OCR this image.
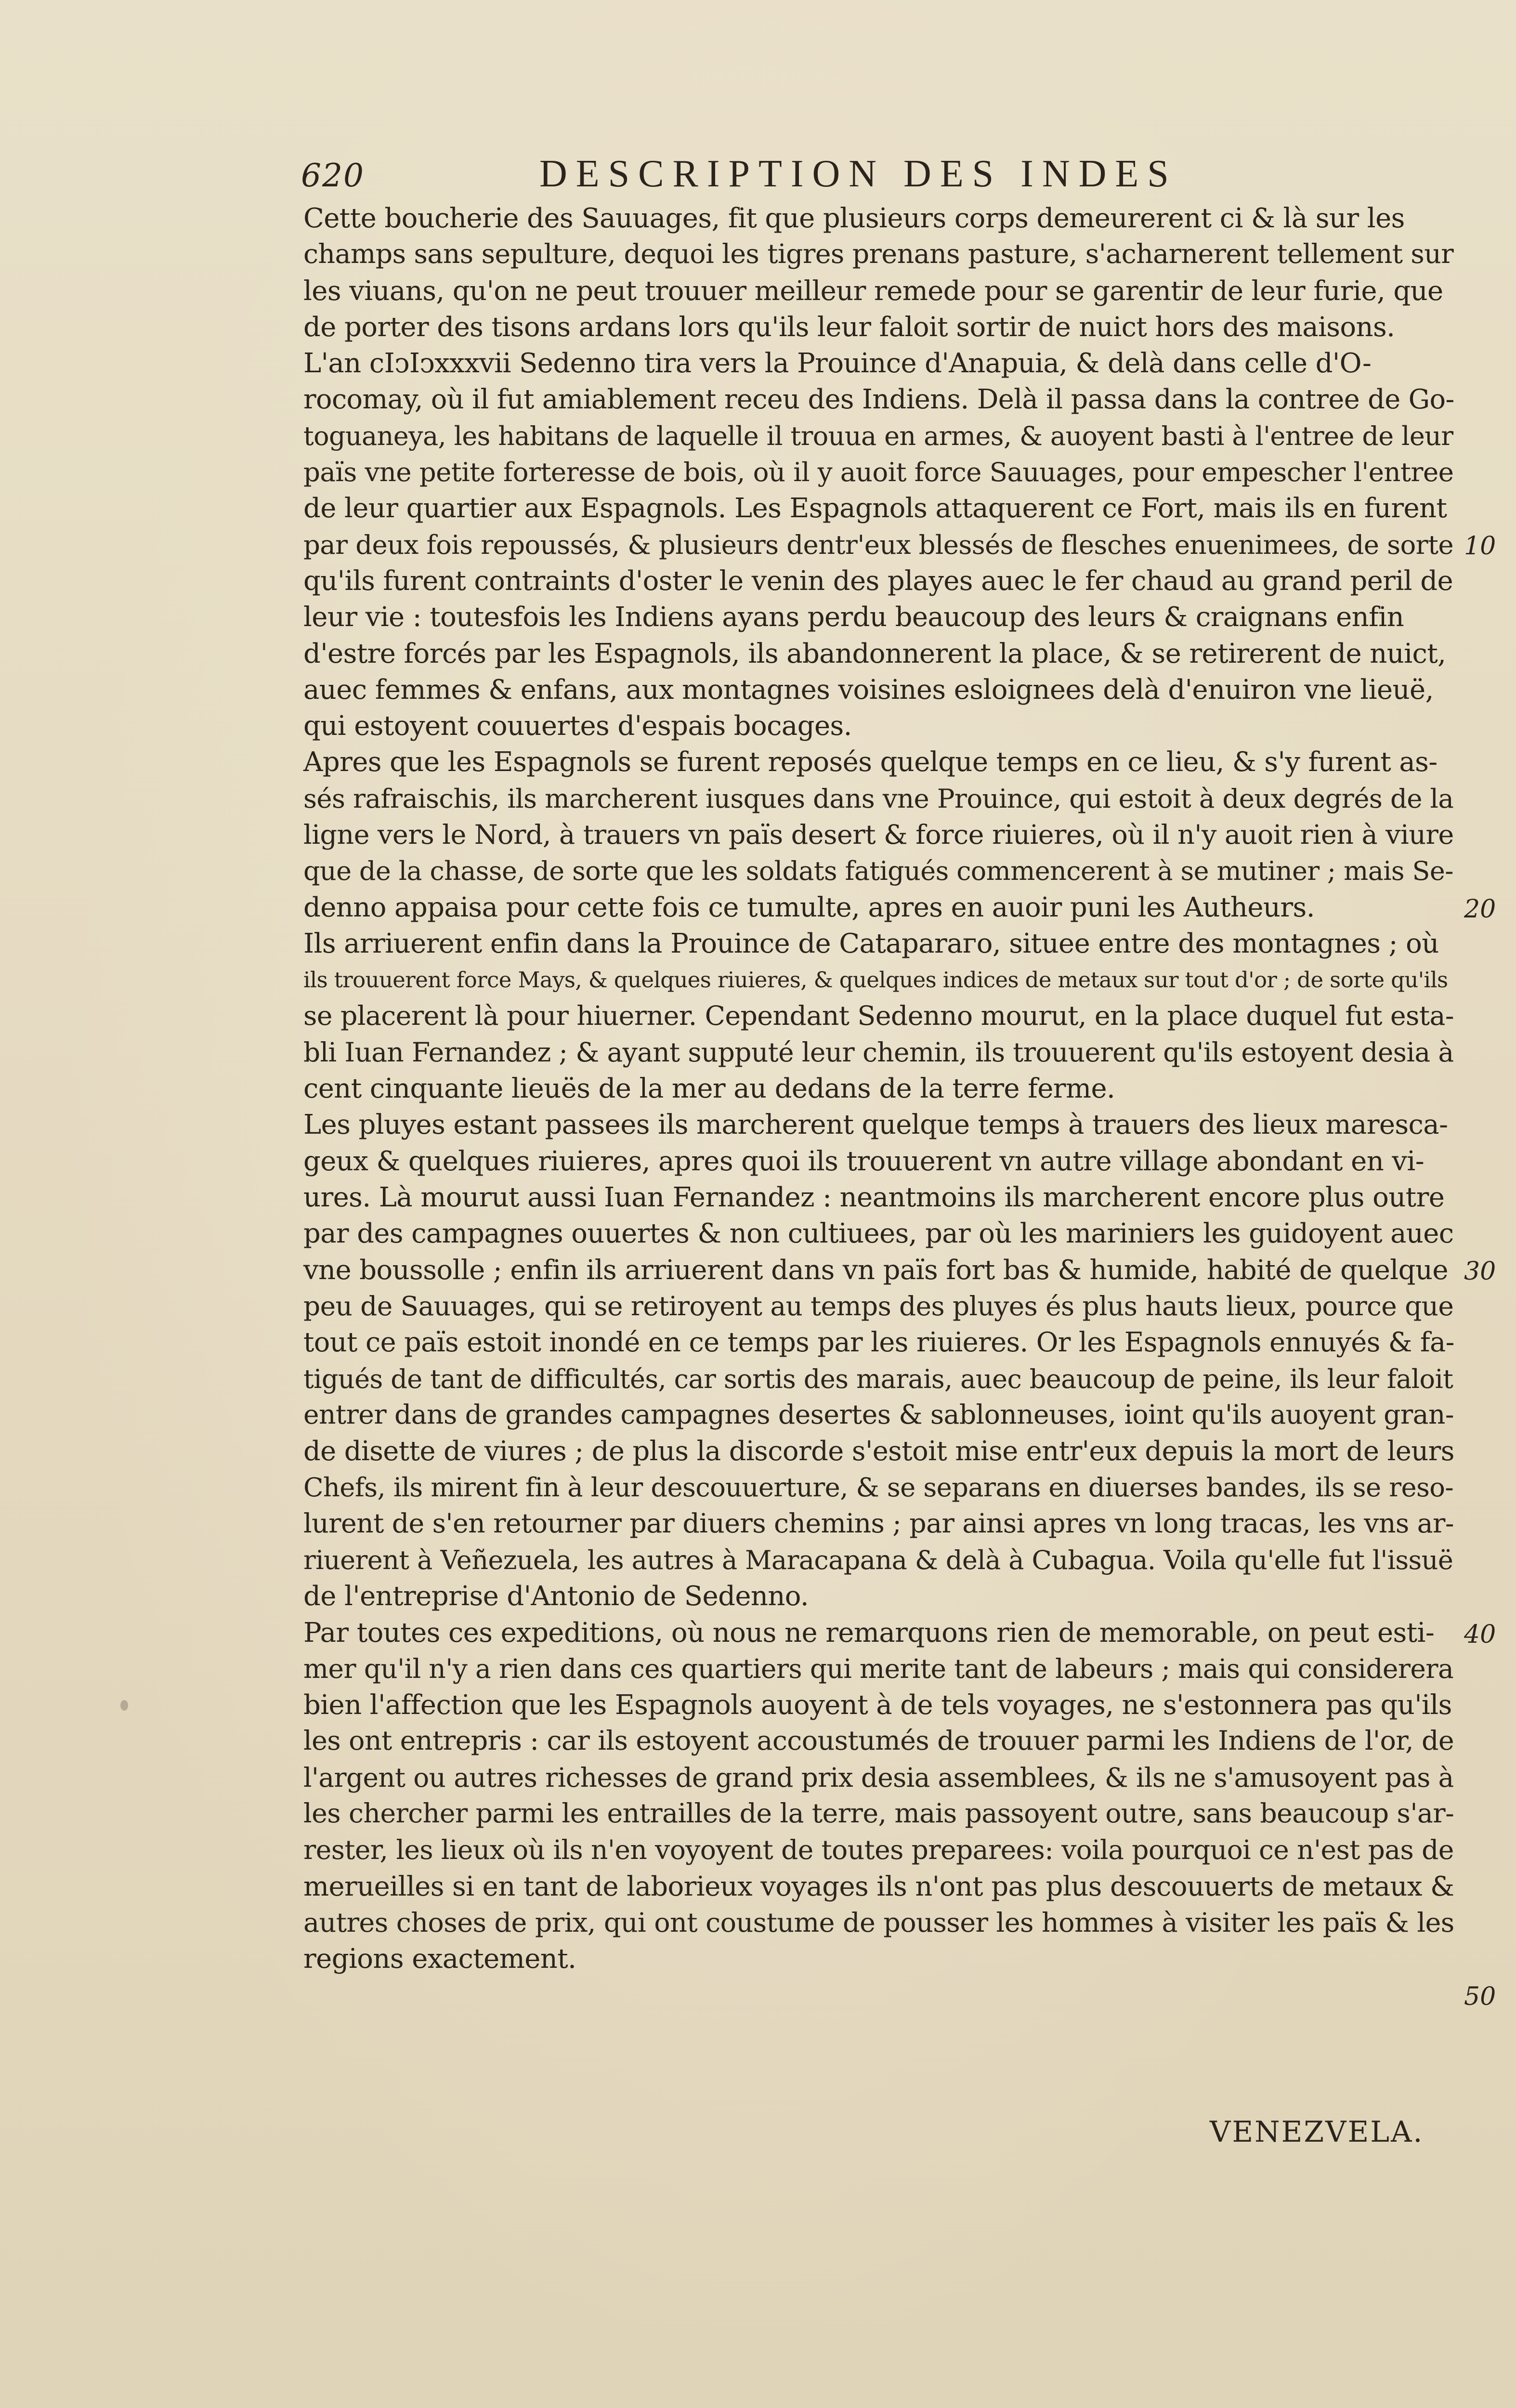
620	DESCRIPTION DES INDES
Cette boucherie des Sauuages, fit que plusieurs corps demeurerent ci & là sur les
champs sans sepulture, dequoi les tigres prenans pasture, s'acharnerent tellement sur
les viuans, qu'on ne peut trouuer meilleur remede pour se garentir de leur furie, que
de porter des tisons ardans lors qu'ils leur faloit sortir de nuict hors des maisons.
L'an cIↄIↄxxxvii Sedenno tira vers la Prouince d'Anapuia, & delà dans celle d'O-
rocomay, où il fut amiablement receu des Indiens. Delà il passa dans la contree de Go-
toguaneya, les habitans de laquelle il trouua en armes, & auoyent basti à l'entree de leur
païs vne petite forteresse de bois, où il y auoit force Sauuages, pour empescher l'entree
de leur quartier aux Espagnols. Les Espagnols attaquerent ce Fort, mais ils en furent
par deux fois repoussés, & plusieurs dentr'eux blessés de flesches enuenimees, de sorte
qu'ils furent contraints d'oster le venin des playes auec le fer chaud au grand peril de
leur vie : toutesfois les Indiens ayans perdu beaucoup des leurs & craignans enfin
d'estre forcés par les Espagnols, ils abandonnerent la place, & se retirerent de nuict,
auec femmes & enfans, aux montagnes voisines esloignees delà d'enuiron vne lieuë,
qui estoyent couuertes d'espais bocages.
Apres que les Espagnols se furent reposés quelque temps en ce lieu, & s'y furent as-
sés rafraischis, ils marcherent iusques dans vne Prouince, qui estoit à deux degrés de la
ligne vers le Nord, à trauers vn païs desert & force riuieres, où il n'y auoit rien à viure
que de la chasse, de sorte que les soldats fatigués commencerent à se mutiner ; mais Se-
denno appaisa pour cette fois ce tumulte, apres en auoir puni les Autheurs.
Ils arriuerent enfin dans la Prouince de Cataparaго, situee entre des montagnes ; où
ils trouuerent force Mays, & quelques riuieres, & quelques indices de metaux sur tout d'or ; de sorte qu'ils
se placerent là pour hiuerner. Cependant Sedenno mourut, en la place duquel fut esta-
bli Iuan Fernandez ; & ayant supputé leur chemin, ils trouuerent qu'ils estoyent desia à
cent cinquante lieuës de la mer au dedans de la terre ferme.
Les pluyes estant passees ils marcherent quelque temps à trauers des lieux marescа-
geux & quelques riuieres, apres quoi ils trouuerent vn autre village abondant en vi-
ures. Là mourut aussi Iuan Fernandez : neantmoins ils marcherent encore plus outre
par des campagnes ouuertes & non cultiuees, par où les mariniers les guidoyent auec
vne boussolle ; enfin ils arriuerent dans vn païs fort bas & humide, habité de quelque
peu de Sauuages, qui se retiroyent au temps des pluyes és plus hauts lieux, pource que
tout ce païs estoit inondé en ce temps par les riuieres. Or les Espagnols ennuyés & fa-
tigués de tant de difficultés, car sortis des marais, auec beaucoup de peine, ils leur faloit
entrer dans de grandes campagnes desertes & sablonneuses, ioint qu'ils auoyent gran-
de disette de viures ; de plus la discorde s'estoit mise entr'eux depuis la mort de leurs
Chefs, ils mirent fin à leur descouuerture, & se separans en diuerses bandes, ils se reso-
lurent de s'en retourner par diuers chemins ; par ainsi apres vn long tracas, les vns ar-
riuerent à Veñezuela, les autres à Maracapana & delà à Cubagua. Voila qu'elle fut l'issuë
de l'entreprise d'Antonio de Sedenno.
Par toutes ces expeditions, où nous ne remarquons rien de memorable, on peut esti-
mer qu'il n'y a rien dans ces quartiers qui merite tant de labeurs ; mais qui considerera
bien l'affection que les Espagnols auoyent à de tels voyages, ne s'estonnera pas qu'ils
les ont entrepris : car ils estoyent accoustumés de trouuer parmi les Indiens de l'or, de
l'argent ou autres richesses de grand prix desia assemblees, & ils ne s'amusoyent pas à
les chercher parmi les entrailles de la terre, mais passoyent outre, sans beaucoup s'ar-
rester, les lieux où ils n'en voyoyent de toutes preparees: voila pourquoi ce n'est pas de
merueilles si en tant de laborieux voyages ils n'ont pas plus descouuerts de metaux &
autres choses de prix, qui ont coustume de pousser les hommes à visiter les païs & les
regions exactement.
10
20
30
40
50
VENEZVELA.
